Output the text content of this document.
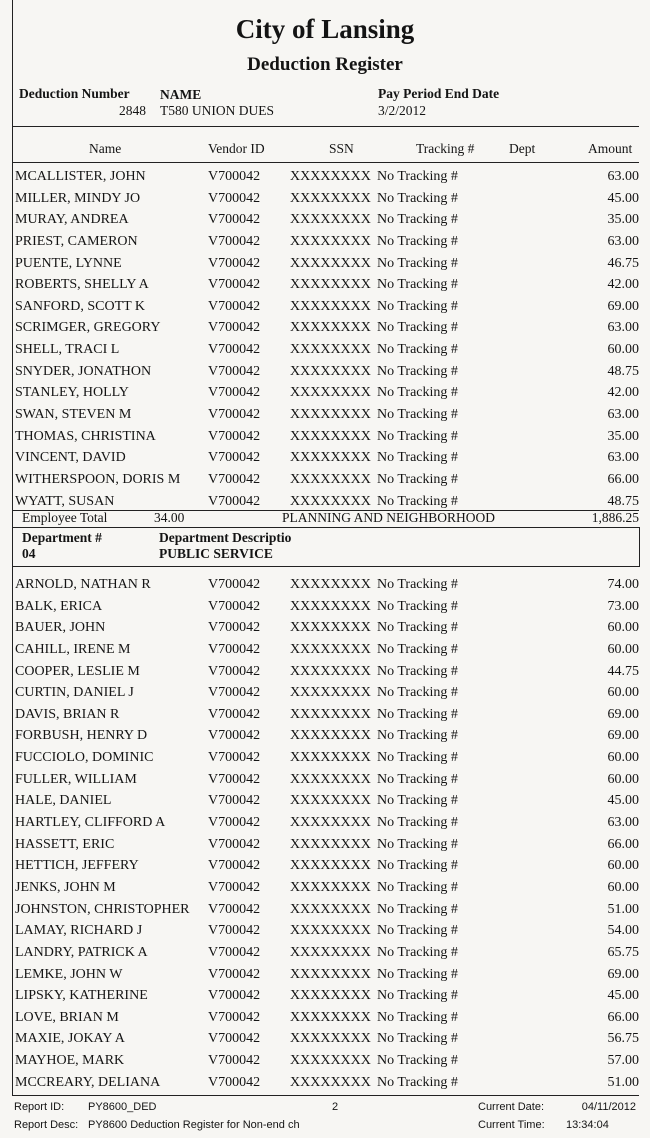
City of Lansing
Deduction Register
Deduction Number
2848
NAME
T580 UNION DUES
Pay Period End Date
3/2/2012
Name	Vendor ID	SSN	Tracking #	Dept	Amount
MCALLISTER, JOHN	V700042 XXXXXXXX No Tracking #	63.00
MILLER, MINDY JO	V700042 XXXXXXXX No Tracking #	45.00
MURAY, ANDREA	V700042 XXXXXXXX No Tracking #	35.00
PRIEST, CAMERON	V700042 XXXXXXXX No Tracking #	63.00
PUENTE, LYNNE	V700042 XXXXXXXX No Tracking #	46.75
ROBERTS, SHELLY A	V700042 XXXXXXXX No Tracking #	42.00
SANFORD, SCOTT K	V700042 XXXXXXXX No Tracking #	69.00
SCRIMGER, GREGORY	V700042 XXXXXXXX No Tracking #	63.00
SHELL, TRACI L	V700042 XXXXXXXX No Tracking #	60.00
SNYDER, JONATHON	V700042 XXXXXXXX No Tracking #	48.75
STANLEY, HOLLY	V700042 XXXXXXXX No Tracking #	42.00
SWAN, STEVEN M	V700042 XXXXXXXX No Tracking #	63.00
THOMAS, CHRISTINA	V700042 XXXXXXXX No Tracking #	35.00
VINCENT, DAVID	V700042 XXXXXXXX No Tracking #	63.00
WITHERSPOON, DORIS M V700042 XXXXXXXX No Tracking #	66.00
WYATT, SUSAN	V700042 XXXXXXXX No Tracking #	48.75
Employee Total	34.00	PLANNING AND NEIGHBORHOOD	1,886.25
Department #
04
Department Descriptio
PUBLIC SERVICE
ARNOLD, NATHAN R	V700042 XXXXXXXX No Tracking #	74.00
BALK, ERICA	V700042 XXXXXXXX No Tracking #	73.00
BAUER, JOHN	V700042 XXXXXXXX No Tracking #	60.00
CAHILL, IRENE M	V700042 XXXXXXXX No Tracking #	60.00
COOPER, LESLIE M	V700042 XXXXXXXX No Tracking #	44.75
CURTIN, DANIEL J	V700042 XXXXXXXX No Tracking #	60.00
DAVIS, BRIAN R	V700042 XXXXXXXX No Tracking #	69.00
FORBUSH, HENRY D	V700042 XXXXXXXX No Tracking #	69.00
FUCCIOLO, DOMINIC	V700042 XXXXXXXX No Tracking #	60.00
FULLER, WILLIAM	V700042 XXXXXXXX No Tracking #	60.00
HALE, DANIEL	V700042 XXXXXXXX No Tracking #	45.00
HARTLEY, CLIFFORD A	V700042 XXXXXXXX No Tracking #	63.00
HASSETT, ERIC	V700042 XXXXXXXX No Tracking #	66.00
HETTICH, JEFFERY	V700042 XXXXXXXX No Tracking #	60.00
JENKS, JOHN M	V700042 XXXXXXXX No Tracking #	60.00
JOHNSTON, CHRISTOPHER V700042 XXXXXXXX No Tracking #	51.00
LAMAY, RICHARD J	V700042 XXXXXXXX No Tracking #	54.00
LANDRY, PATRICK A	V700042 XXXXXXXX No Tracking #	65.75
LEMKE, JOHN W	V700042 XXXXXXXX No Tracking #	69.00
LIPSKY, KATHERINE	V700042 XXXXXXXX No Tracking #	45.00
LOVE, BRIAN M	V700042 XXXXXXXX No Tracking #	66.00
MAXIE, JOKAY A	V700042 XXXXXXXX No Tracking #	56.75
MAYHOE, MARK	V700042 XXXXXXXX No Tracking #	57.00
MCCREARY, DELIANA	V700042 XXXXXXXX No Tracking #	51.00
Report ID: PY8600_DED	2	Current Date:	04/11/2012
Report Desc: PY8600 Deduction Register for Non-end ch	Current Time: 13:34:04
